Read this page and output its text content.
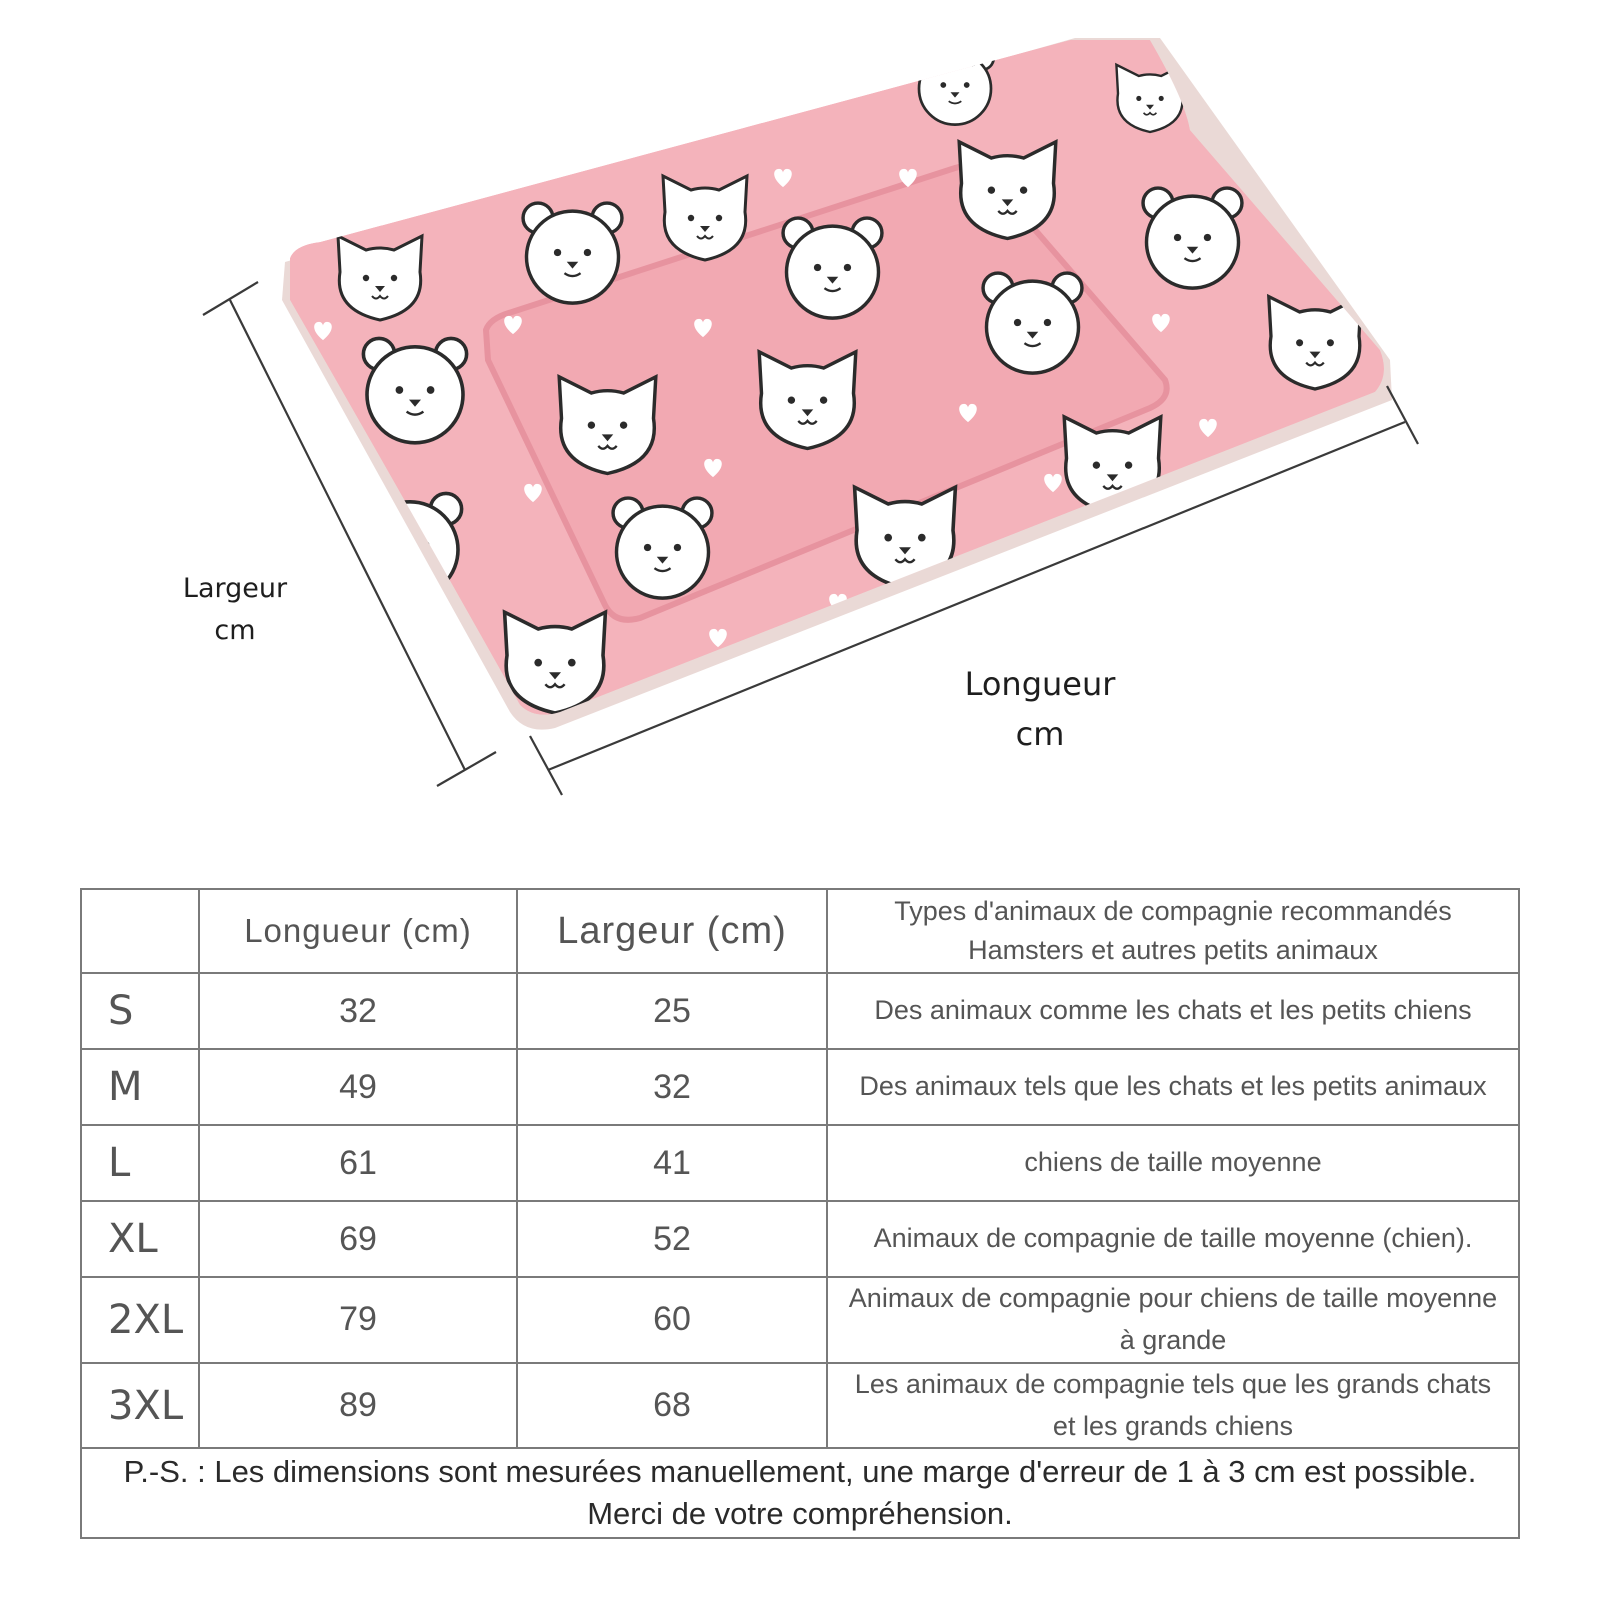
Largeur
cm
Longueur
cm
	Longueur (cm)	Largeur (cm)	Types d'animaux de compagnie recommandés
Hamsters et autres petits animaux

S	32	25	Des animaux comme les chats et les petits chiens
M	49	32	Des animaux tels que les chats et les petits animaux
L	61	41	chiens de taille moyenne
XL	69	52	Animaux de compagnie de taille moyenne (chien).
2XL	79	60	Animaux de compagnie pour chiens de taille moyenne à grande
3XL	89	68	Les animaux de compagnie tels que les grands chats et les grands chiens
P.-S. : Les dimensions sont mesurées manuellement, une marge d'erreur de 1 à 3 cm est possible. Merci de votre compréhension.			
